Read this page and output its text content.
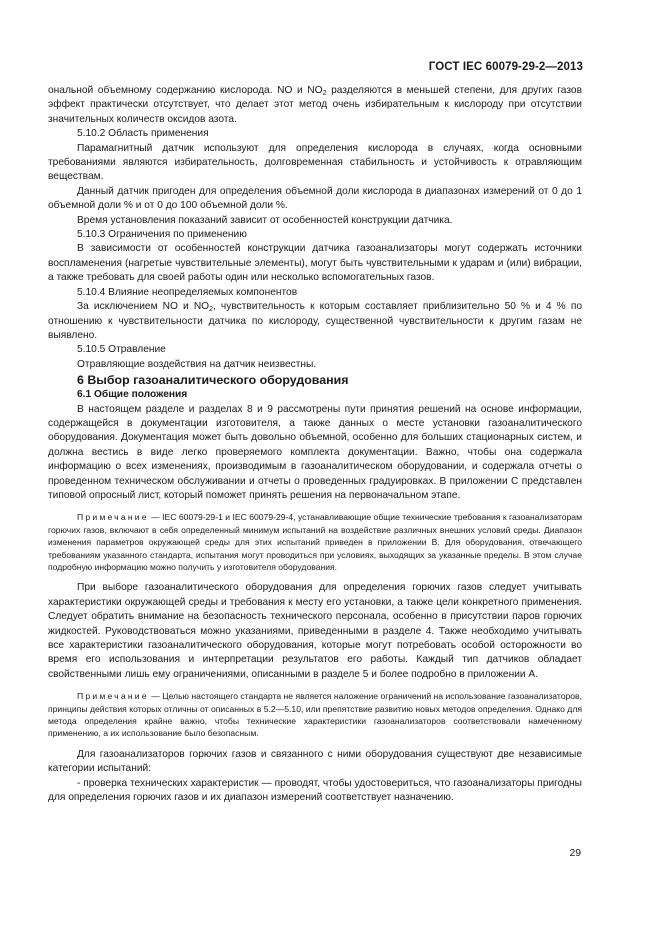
ГОСТ IEC 60079-29-2—2013

ональной объемному содержанию кислорода. NO и $NO_2$ разделяются в меньшей степени, для других газов эффект практически отсутствует, что делает этот метод очень избирательным к кислороду при отсутствии значительных количеств оксидов азота.

5.10.2 Область применения

Парамагнитный датчик используют для определения кислорода в случаях, когда основными требованиями являются избирательность, долговременная стабильность и устойчивость к отравляющим веществам.

Данный датчик пригоден для определения объемной доли кислорода в диапазонах измерений от 0 до 1 объемной доли % и от 0 до 100 объемной доли %.

Время установления показаний зависит от особенностей конструкции датчика.

5.10.3 Ограничения по применению

В зависимости от особенностей конструкции датчика газоанализаторы могут содержать источники воспламенения (нагретые чувствительные элементы), могут быть чувствительными к ударам и (или) вибрации, а также требовать для своей работы один или несколько вспомогательных газов.

5.10.4 Влияние неопределяемых компонентов

За исключением NO и $NO_2$, чувствительность к которым составляет приблизительно 50 % и 4 % по отношению к чувствительности датчика по кислороду, существенной чувствительности к другим газам не выявлено.

5.10.5 Отравление

Отравляющие воздействия на датчик неизвестны.

6 Выбор газоаналитического оборудования

6.1 Общие положения

В настоящем разделе и разделах 8 и 9 рассмотрены пути принятия решений на основе информации, содержащейся в документации изготовителя, а также данных о месте установки газоаналитического оборудования. Документация может быть довольно объемной, особенно для больших стационарных систем, и должна вестись в виде легко проверяемого комплекта документации. Важно, чтобы она содержала информацию о всех изменениях, производимым в газоаналитическом оборудовании, и содержала отчеты о проведенном техническом обслуживании и отчеты о проведенных градуировках. В приложении С представлен типовой опросный лист, который поможет принять решения на первоначальном этапе.

Примечание — IEC 60079-29-1 и IEC 60079-29-4, устанавливающие общие технические требования к газоанализаторам горючих газов, включают в себя определенный минимум испытаний на воздействие различных внешних условий среды. Диапазон изменения параметров окружающей среды для этих испытаний приведен в приложении В. Для оборудования, отвечающего требованиям указанного стандарта, испытания могут проводиться при условиях, выходящих за указанные пределы. В этом случае подробную информацию можно получить у изготовителя оборудования.

При выборе газоаналитического оборудования для определения горючих газов следует учитывать характеристики окружающей среды и требования к месту его установки, а также цели конкретного применения. Следует обратить внимание на безопасность технического персонала, особенно в присутствии паров горючих жидкостей. Руководствоваться можно указаниями, приведенными в разделе 4. Также необходимо учитывать все характеристики газоаналитического оборудования, которые могут потребовать особой осторожности во время его использования и интерпретации результатов его работы. Каждый тип датчиков обладает свойственными лишь ему ограничениями, описанными в разделе 5 и более подробно в приложении А.

Примечание — Целью настоящего стандарта не является наложение ограничений на использование газоанализаторов, принципы действия которых отличны от описанных в 5.2—5.10, или препятствие развитию новых методов определения. Однако для метода определения крайне важно, чтобы технические характеристики газоанализаторов соответствовали намеченному применению, а их использование было безопасным.

Для газоанализаторов горючих газов и связанного с ними оборудования существуют две независимые категории испытаний:

- проверка технических характеристик — проводят, чтобы удостовериться, что газоанализаторы пригодны для определения горючих газов и их диапазон измерений соответствует назначению.

29
